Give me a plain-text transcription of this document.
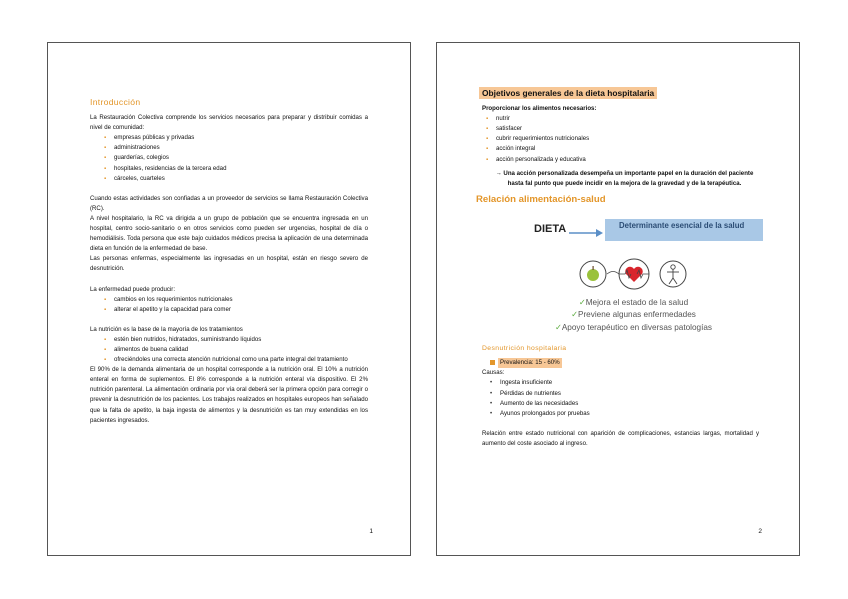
Introducción

La Restauración Colectiva comprende los servicios necesarios para preparar y distribuir comidas a nivel de comunidad:

▪ empresas públicas y privadas
▪ administraciones
▪ guarderías, colegios
▪ hospitales, residencias de la tercera edad
▪ cárceles, cuarteles

Cuando estas actividades son confiadas a un proveedor de servicios se llama Restauración Colectiva (RC).

A nivel hospitalario, la RC va dirigida a un grupo de población que se encuentra ingresada en un hospital, centro socio-sanitario o en otros servicios como pueden ser urgencias, hospital de día o hemodiálisis. Toda persona que este bajo cuidados médicos precisa la aplicación de una determinada dieta en función de la enfermedad de base.

Las personas enfermas, especialmente las ingresadas en un hospital, están en riesgo severo de desnutrición.

La enfermedad puede producir:

▪ cambios en los requerimientos nutricionales
▪ alterar el apetito y la capacidad para comer

La nutrición es la base de la mayoría de los tratamientos

▪ estén bien nutridos, hidratados, suministrando líquidos
▪ alimentos de buena calidad
▪ ofreciéndoles una correcta atención nutricional como una parte integral del tratamiento

El 90% de la demanda alimentaria de un hospital corresponde a la nutrición oral. El 10% a nutrición enteral en forma de suplementos. El 8% corresponde a la nutrición enteral vía dispositivo. El 2% nutrición parenteral. La alimentación ordinaria por vía oral deberá ser la primera opción para corregir o prevenir la desnutrición de los pacientes. Los trabajos realizados en hospitales europeos han señalado que la falta de apetito, la baja ingesta de alimentos y la desnutrición es tan muy extendidas en los pacientes ingresados.

1
Objetivos generales de la dieta hospitalaria

Proporcionar los alimentos necesarios:

▪ nutrir
▪ satisfacer
▪ cubrir requerimientos nutricionales
▪ acción integral
▪ acción personalizada y educativa

→ Una acción personalizada desempeña un importante papel en la duración del paciente hasta fal punto que puede incidir en la mejora de la gravedad y de la terapéutica.

Relación alimentación-salud
DIETA	Determinante esencial de la salud
✓Mejora el estado de la salud
✓Previene algunas enfermedades
✓Apoyo terapéutico en diversas patologías
Desnutrición hospitalaria
Prevalencia: 15 - 60%

Causas:

• Ingesta insuficiente
• Pérdidas de nutrientes
• Aumento de las necesidades
• Ayunos prolongados por pruebas

Relación entre estado nutricional con aparición de complicaciones, estancias largas, mortalidad y aumento del coste asociado al ingreso.

2
